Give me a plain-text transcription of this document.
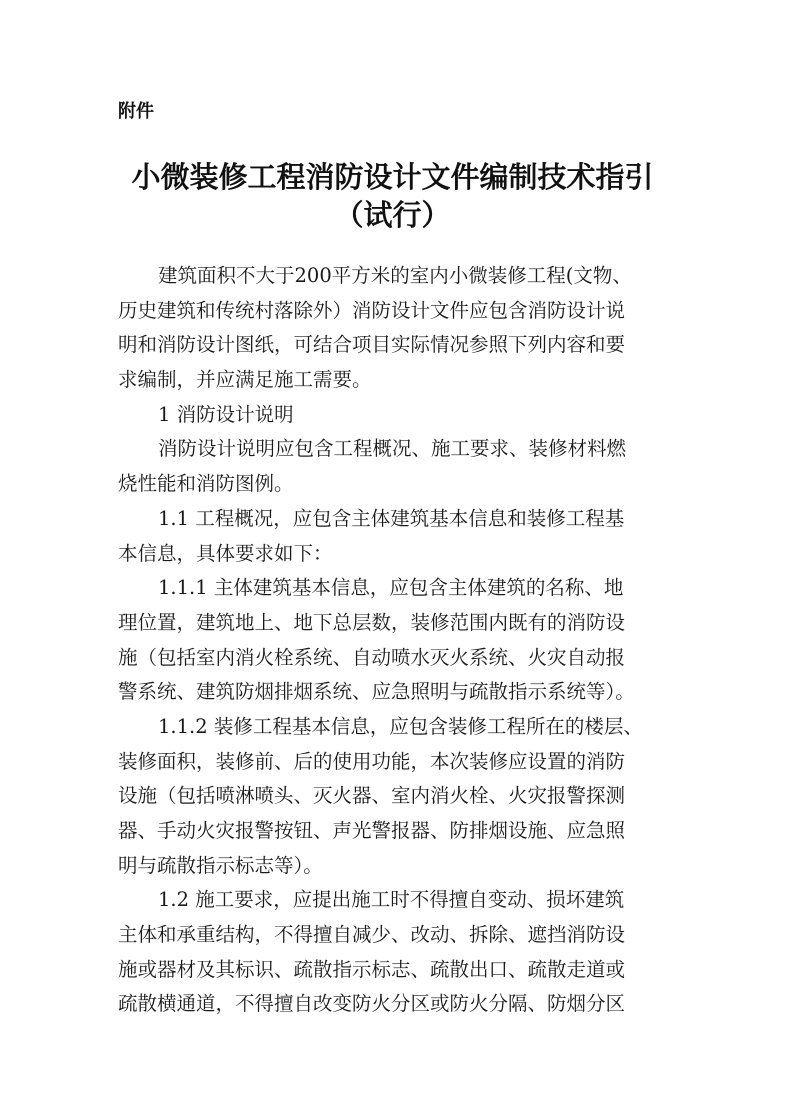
附件

小微装修工程消防设计文件编制技术指引
（试行）
建筑面积不大于200平方米的室内小微装修工程(文物、
历史建筑和传统村落除外）消防设计文件应包含消防设计说
明和消防设计图纸，可结合项目实际情况参照下列内容和要
求编制，并应满足施工需要。
1 消防设计说明
消防设计说明应包含工程概况、施工要求、装修材料燃
烧性能和消防图例。
1.1 工程概况，应包含主体建筑基本信息和装修工程基
本信息，具体要求如下：
1.1.1 主体建筑基本信息，应包含主体建筑的名称、地
理位置，建筑地上、地下总层数，装修范围内既有的消防设
施（包括室内消火栓系统、自动喷水灭火系统、火灾自动报
警系统、建筑防烟排烟系统、应急照明与疏散指示系统等）。
1.1.2 装修工程基本信息，应包含装修工程所在的楼层、
装修面积，装修前、后的使用功能，本次装修应设置的消防
设施（包括喷淋喷头、灭火器、室内消火栓、火灾报警探测
器、手动火灾报警按钮、声光警报器、防排烟设施、应急照
明与疏散指示标志等）。
1.2 施工要求，应提出施工时不得擅自变动、损坏建筑
主体和承重结构，不得擅自减少、改动、拆除、遮挡消防设
施或器材及其标识、疏散指示标志、疏散出口、疏散走道或
疏散横通道，不得擅自改变防火分区或防火分隔、防烟分区
